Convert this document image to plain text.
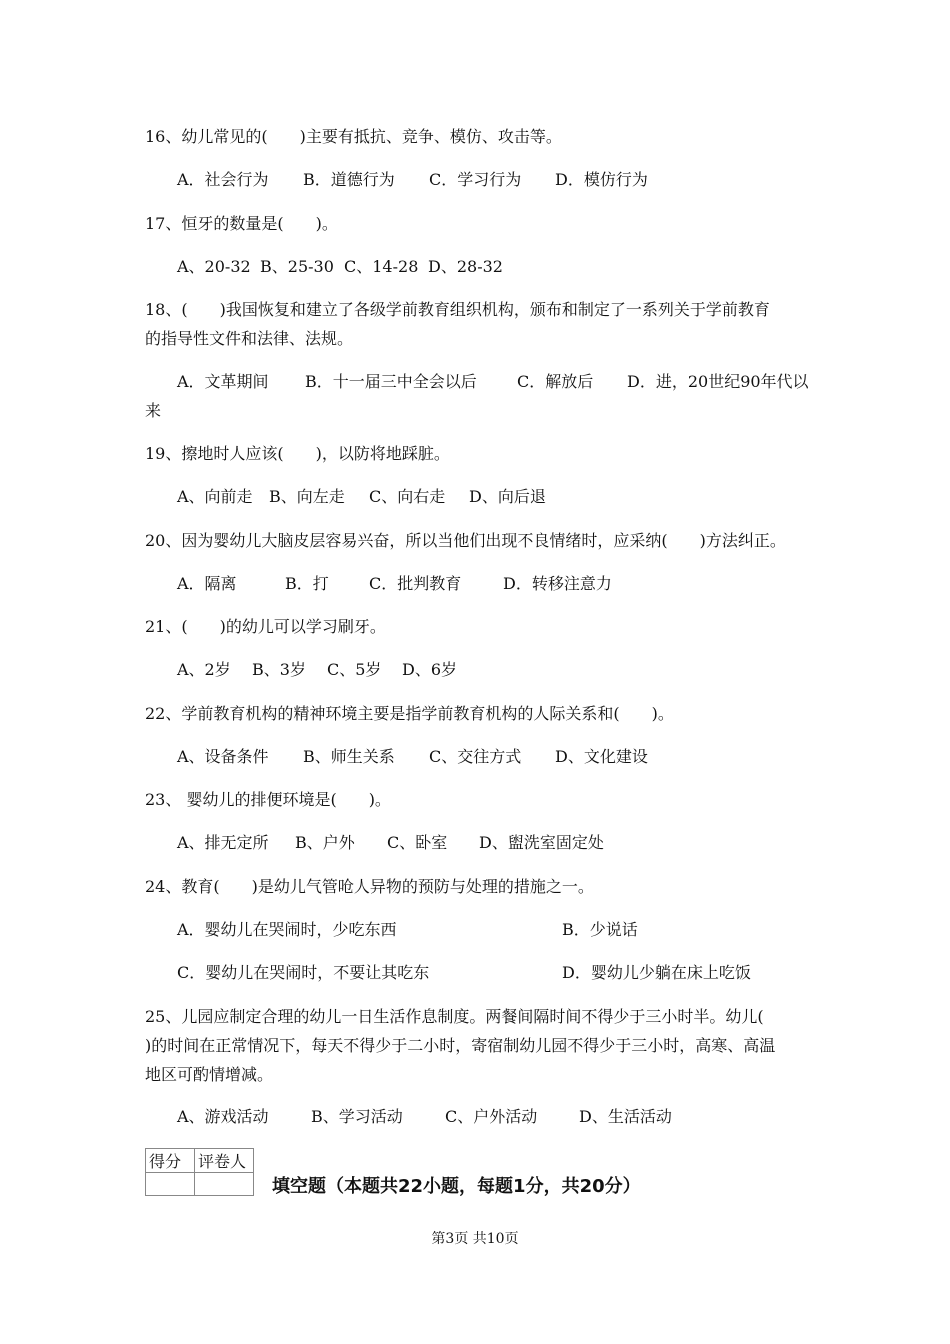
16、幼儿常见的(　　)主要有抵抗、竞争、模仿、攻击等。
A．社会行为 B．道德行为 C．学习行为 D．模仿行为
17、恒牙的数量是(　　)。
A、20-32 B、25-30 C、14-28 D、28-32
18、(　　)我国恢复和建立了各级学前教育组织机构，颁布和制定了一系列关于学前教育
的指导性文件和法律、法规。
A．文革期间 B．十一届三中全会以后	C．解放后 D．进，20世纪90年代以
来
19、擦地时人应该(　　)，以防将地踩脏。
A、向前走 B、向左走 C、向右走 D、向后退
20、因为婴幼儿大脑皮层容易兴奋，所以当他们出现不良情绪时，应采纳(　　)方法纠正。
A．隔离	B．打	C．批判教育	D．转移注意力
21、(　　)的幼儿可以学习刷牙。
A、2岁 B、3岁 C、5岁 D、6岁
22、学前教育机构的精神环境主要是指学前教育机构的人际关系和(　　)。
A、设备条件 B、师生关系 C、交往方式 D、文化建设
23、 婴幼儿的排便环境是(　　)。
A、排无定所 B、户外 C、卧室 D、盥洗室固定处
24、教育(　　)是幼儿气管呛人异物的预防与处理的措施之一。
A．婴幼儿在哭闹时，少吃东西	B．少说话
C．婴幼儿在哭闹时，不要让其吃东	D．婴幼儿少躺在床上吃饭
25、儿园应制定合理的幼儿一日生活作息制度。两餐间隔时间不得少于三小时半。幼儿(
)的时间在正常情况下，每天不得少于二小时，寄宿制幼儿园不得少于三小时，高寒、高温
地区可酌情增减。
A、游戏活动	B、学习活动	C、户外活动	D、生活活动
得分	评卷人

填空题（本题共22小题，每题1分，共20分）
第3页 共10页
